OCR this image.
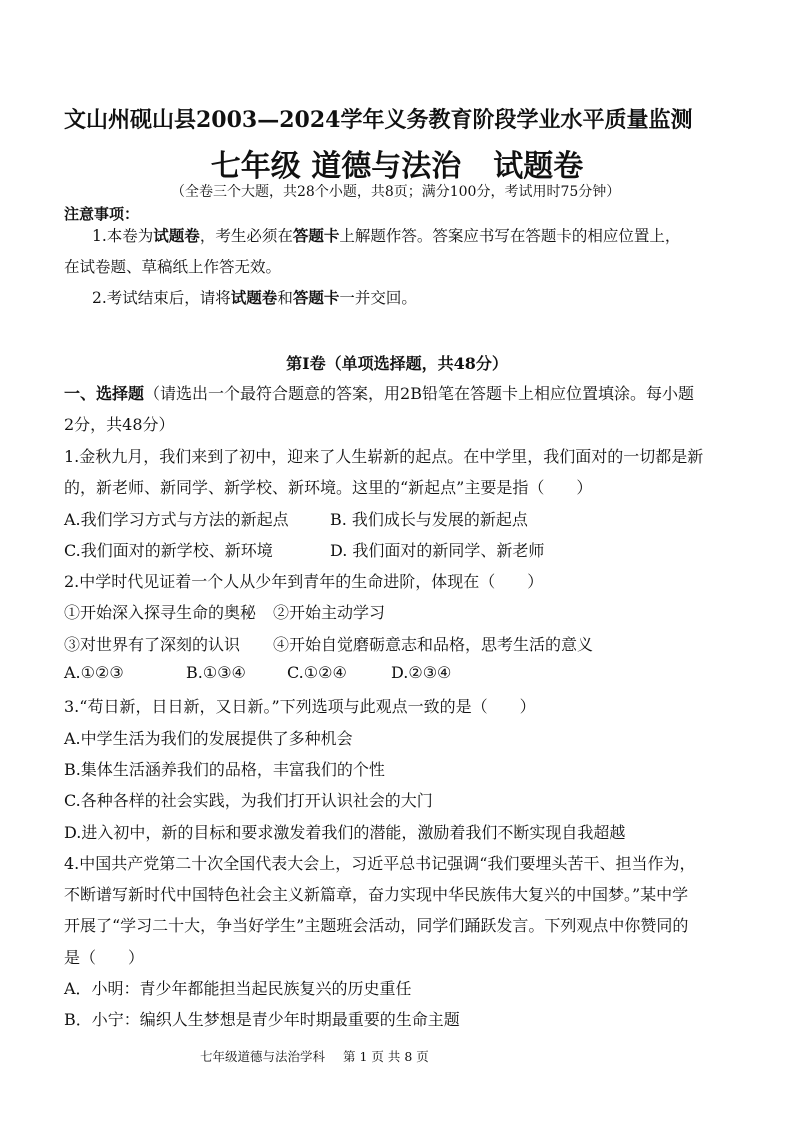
文山州砚山县2003—2024学年义务教育阶段学业水平质量监测
七年级 道德与法治 试题卷
（全卷三个大题，共28个小题，共8页；满分100分，考试用时75分钟）
注意事项：
1.本卷为试题卷，考生必须在答题卡上解题作答。答案应书写在答题卡的相应位置上，
在试卷题、草稿纸上作答无效。
2.考试结束后，请将试题卷和答题卡一并交回。
第Ⅰ卷（单项选择题，共48分）
一、选择题（请选出一个最符合题意的答案，用2B铅笔在答题卡上相应位置填涂。每小题
2分，共48分）
1.金秋九月，我们来到了初中，迎来了人生崭新的起点。在中学里，我们面对的一切都是新
的，新老师、新同学、新学校、新环境。这里的“新起点”主要是指（　　）
A.我们学习方式与方法的新起点	B. 我们成长与发展的新起点
C.我们面对的新学校、新环境	D. 我们面对的新同学、新老师
2.中学时代见证着一个人从少年到青年的生命进阶，体现在（　　）
①开始深入探寻生命的奥秘 ②开始主动学习
③对世界有了深刻的认识 ④开始自觉磨砺意志和品格，思考生活的意义
A.①②③	B.①③④	C.①②④	D.②③④
3.“苟日新，日日新，又日新。”下列选项与此观点一致的是（　　）
A.中学生活为我们的发展提供了多种机会
B.集体生活涵养我们的品格，丰富我们的个性
C.各种各样的社会实践，为我们打开认识社会的大门
D.进入初中，新的目标和要求激发着我们的潜能，激励着我们不断实现自我超越
4.中国共产党第二十次全国代表大会上，习近平总书记强调“我们要埋头苦干、担当作为，
不断谱写新时代中国特色社会主义新篇章，奋力实现中华民族伟大复兴的中国梦。”某中学
开展了“学习二十大，争当好学生”主题班会活动，同学们踊跃发言。下列观点中你赞同的
是（　　）
A．小明：青少年都能担当起民族复兴的历史重任
B．小宁：编织人生梦想是青少年时期最重要的生命主题
七年级道德与法治学科 第 1 页 共 8 页
